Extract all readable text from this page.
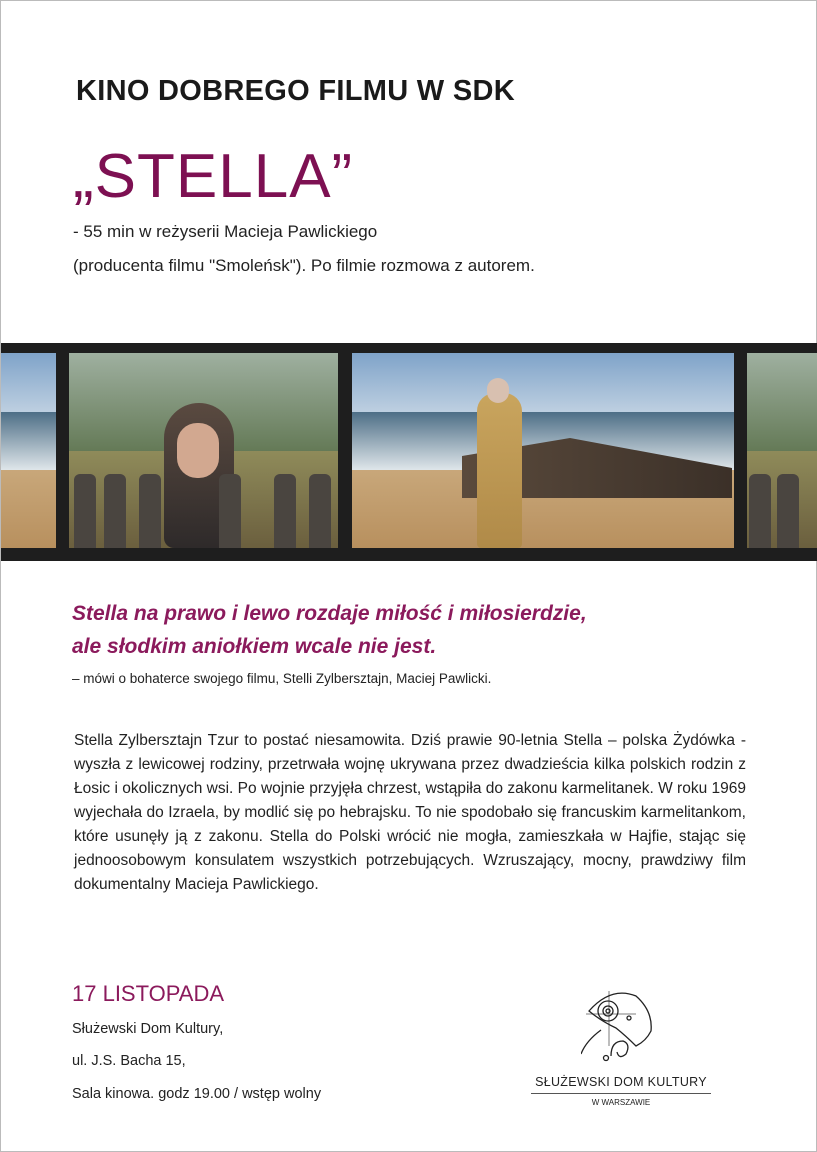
KINO DOBREGO FILMU W SDK
„STELLA”
- 55 min w reżyserii Macieja Pawlickiego
(producenta filmu "Smoleńsk"). Po filmie rozmowa z autorem.
Stella na prawo i lewo rozdaje miłość i miłosierdzie,
ale słodkim aniołkiem wcale nie jest.
– mówi o bohaterce swojego filmu, Stelli Zylbersztajn, Maciej Pawlicki.
Stella Zylbersztajn Tzur to postać niesamowita. Dziś prawie 90-letnia Stella – polska Żydówka - wyszła z lewicowej rodziny, przetrwała wojnę ukrywana przez dwadzieścia kilka polskich rodzin z Łosic i okolicznych wsi. Po wojnie przyjęła chrzest, wstąpiła do zakonu karmelitanek. W roku 1969 wyjechała do Izraela, by modlić się po hebrajsku. To nie spodobało się francuskim karmelitankom, które usunęły ją z zakonu. Stella do Polski wrócić nie mogła, zamieszkała w Hajfie, stając się jednoosobowym konsulatem wszystkich potrzebujących. Wzruszający, mocny, prawdziwy film dokumentalny Macieja Pawlickiego.
17 LISTOPADA
Służewski Dom Kultury,
ul. J.S. Bacha 15,
Sala kinowa. godz 19.00 / wstęp wolny
SŁUŻEWSKI DOM KULTURY
W WARSZAWIE
